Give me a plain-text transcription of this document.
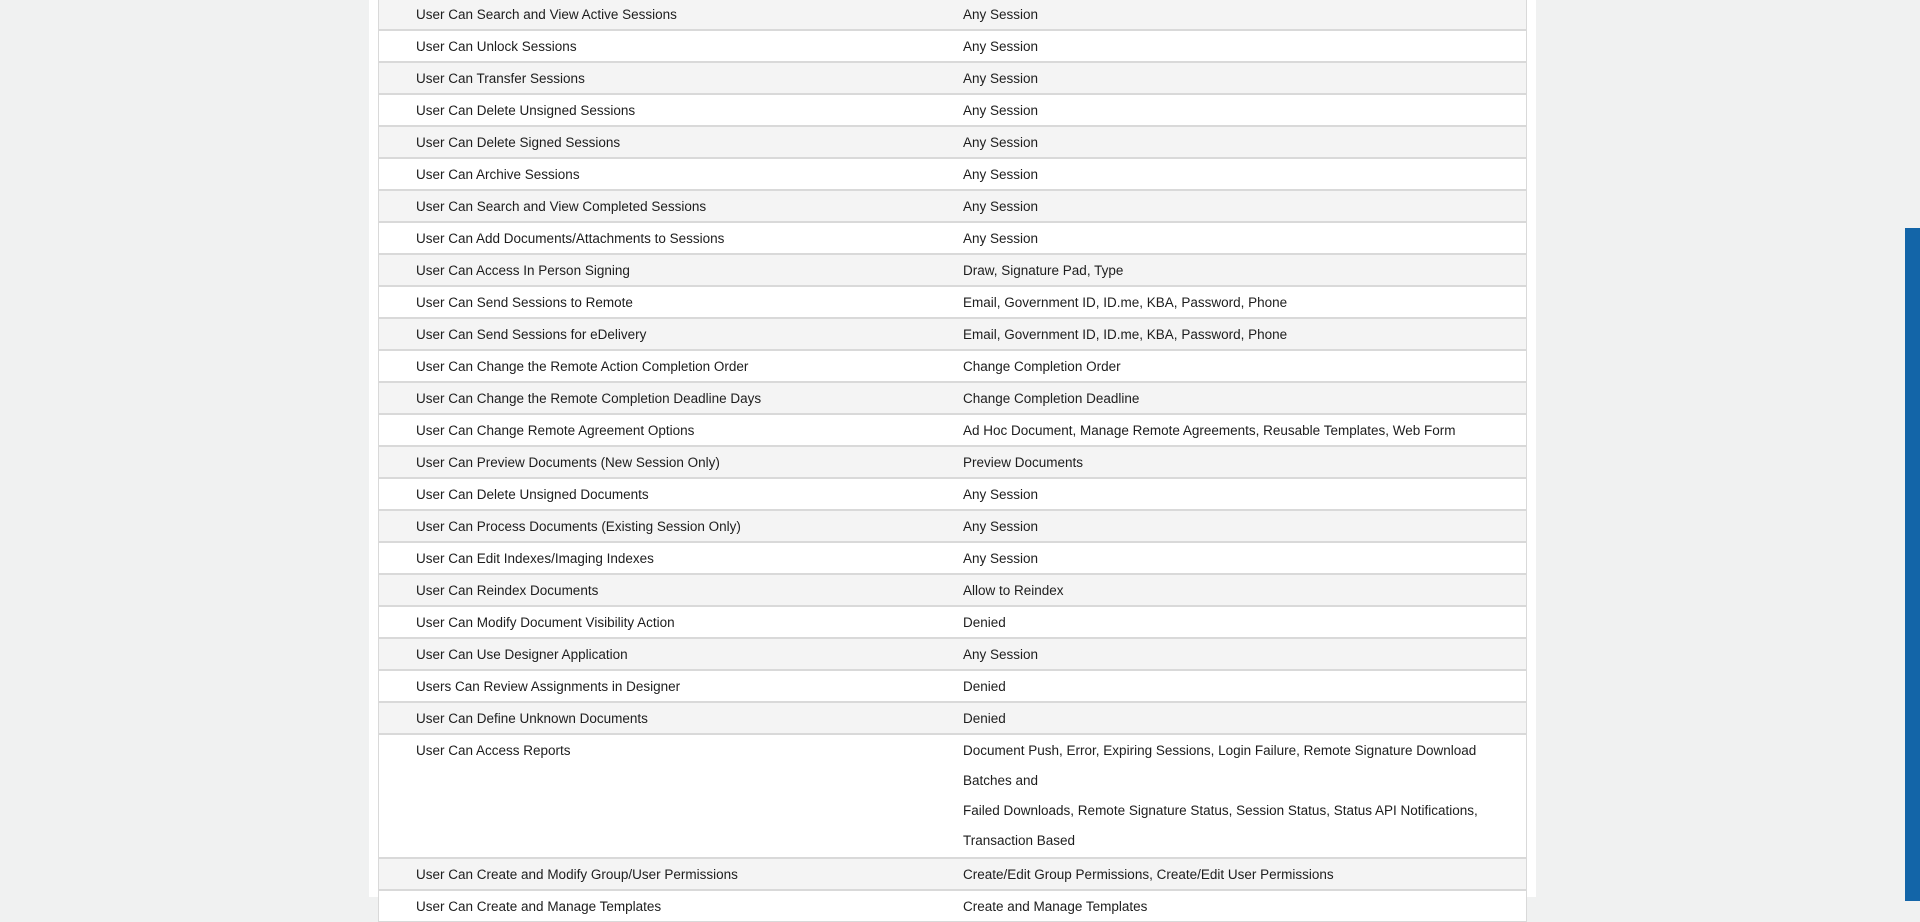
User Can Search and View Active Sessions	Any Session
User Can Unlock Sessions	Any Session
User Can Transfer Sessions	Any Session
User Can Delete Unsigned Sessions	Any Session
User Can Delete Signed Sessions	Any Session
User Can Archive Sessions	Any Session
User Can Search and View Completed Sessions	Any Session
User Can Add Documents/Attachments to Sessions	Any Session
User Can Access In Person Signing	Draw, Signature Pad, Type
User Can Send Sessions to Remote	Email, Government ID, ID.me, KBA, Password, Phone
User Can Send Sessions for eDelivery	Email, Government ID, ID.me, KBA, Password, Phone
User Can Change the Remote Action Completion Order	Change Completion Order
User Can Change the Remote Completion Deadline Days	Change Completion Deadline
User Can Change Remote Agreement Options	Ad Hoc Document, Manage Remote Agreements, Reusable Templates, Web Form
User Can Preview Documents (New Session Only)	Preview Documents
User Can Delete Unsigned Documents	Any Session
User Can Process Documents (Existing Session Only)	Any Session
User Can Edit Indexes/Imaging Indexes	Any Session
User Can Reindex Documents	Allow to Reindex
User Can Modify Document Visibility Action	Denied
User Can Use Designer Application	Any Session
Users Can Review Assignments in Designer	Denied
User Can Define Unknown Documents	Denied
User Can Access Reports	Document Push, Error, Expiring Sessions, Login Failure, Remote Signature Download Batches and
Failed Downloads, Remote Signature Status, Session Status, Status API Notifications,
Transaction Based
User Can Create and Modify Group/User Permissions	Create/Edit Group Permissions, Create/Edit User Permissions
User Can Create and Manage Templates	Create and Manage Templates
